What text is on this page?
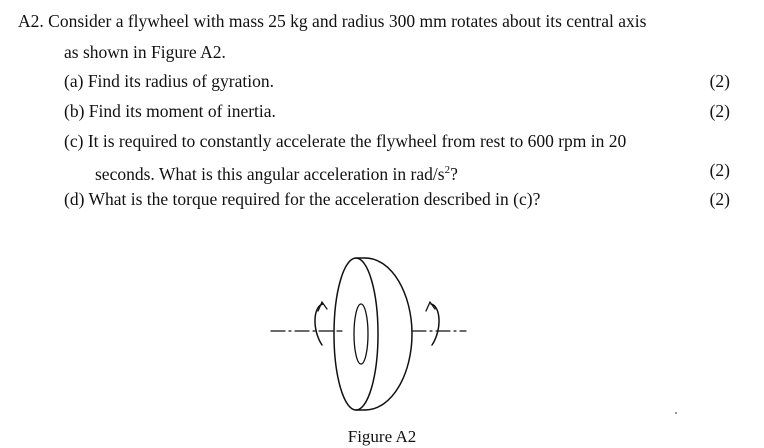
A2. Consider a flywheel with mass 25 kg and radius 300 mm rotates about its central axis
as shown in Figure A2.
(a) Find its radius of gyration.	(2)
(b) Find its moment of inertia.	(2)
(c) It is required to constantly accelerate the flywheel from rest to 600 rpm in 20
seconds. What is this angular acceleration in rad/$s^2$?	(2)
(d) What is the torque required for the acceleration described in (c)?	(2)
Figure A2
